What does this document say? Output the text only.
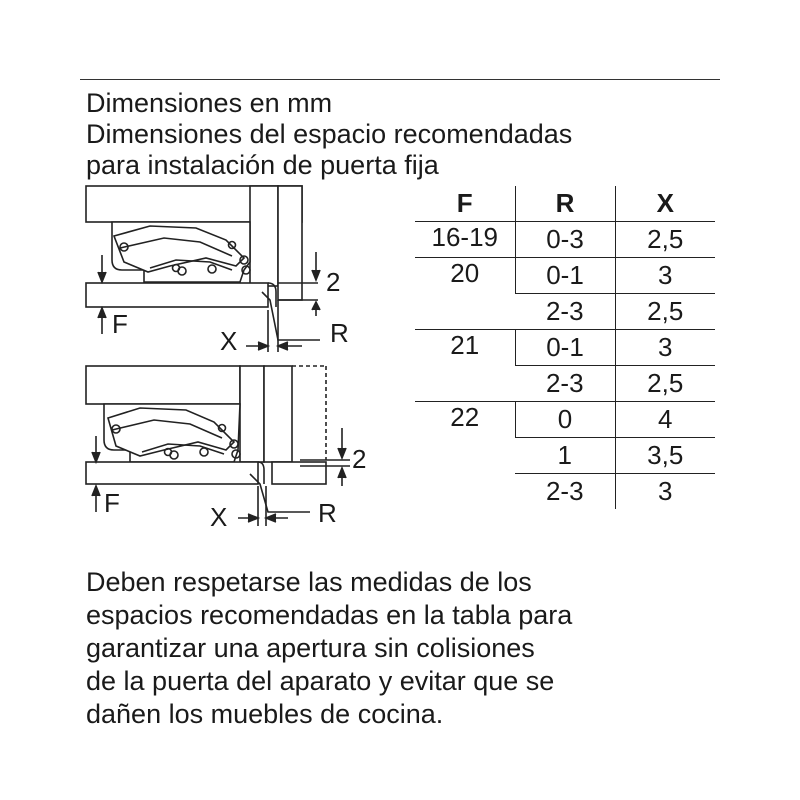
Dimensiones en mm
Dimensiones del espacio recomendadas
para instalación de puerta fija
2
F	R
X
2
F	R
X
F	R	X
16-19	0-3	2,5
20	0-1	3
	2-3	2,5
21	0-1	3
	2-3	2,5
22	0	4
	1	3,5
	2-3	3
Deben respetarse las medidas de los
espacios recomendadas en la tabla para
garantizar una apertura sin colisiones
de la puerta del aparato y evitar que se
dañen los muebles de cocina.
